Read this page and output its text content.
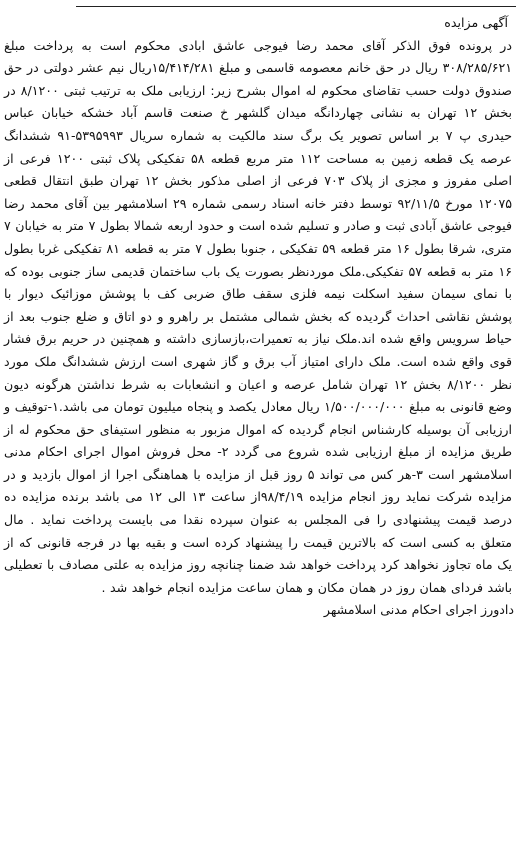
آگهی مزایده

در پرونده فوق الذکر آقای محمد رضا فیوجی عاشق ابادی محکوم است به پرداخت مبلغ ۳۰۸/۲۸۵/۶۲۱ ریال در حق خانم معصومه قاسمی و مبلغ ۱۵/۴۱۴/۲۸۱ریال نیم عشر دولتی در حق صندوق دولت حسب تقاضای محکوم له اموال بشرح زیر: ارزیابی ملک به ترتیب ثبتی ۸/۱۲۰۰ در بخش ۱۲ تهران به نشانی چهاردانگه میدان گلشهر خ صنعت قاسم آباد خشکه خیابان عباس حیدری پ ۷ بر اساس تصویر یک برگ سند مالکیت به شماره سریال ۵۳۹۵۹۹۳-۹۱ ششدانگ عرصه یک قطعه زمین به مساحت ۱۱۲ متر مربع قطعه ۵۸ تفکیکی پلاک ثبتی ۱۲۰۰ فرعی از اصلی مفروز و مجزی از پلاک ۷۰۳ فرعی از اصلی مذکور بخش ۱۲ تهران طبق انتقال قطعی ۱۲۰۷۵ مورخ ۹۲/۱۱/۵ توسط دفتر خانه اسناد رسمی شماره ۲۹ اسلامشهر بین آقای محمد رضا فیوجی عاشق آبادی ثبت و صادر و تسلیم شده است و حدود اربعه شمالا بطول ۷ متر به خیابان ۷ متری، شرقا بطول ۱۶ متر قطعه ۵۹ تفکیکی ، جنوبا بطول ۷ متر به قطعه ۸۱ تفکیکی غربا بطول ۱۶ متر به قطعه ۵۷ تفکیکی.ملک موردنظر بصورت یک باب ساختمان قدیمی ساز جنوبی بوده که با نمای سیمان سفید اسکلت نیمه فلزی سقف طاق ضربی کف با پوشش موزائیک دیوار با پوشش نقاشی احداث گردیده که بخش شمالی مشتمل بر راهرو و دو اتاق و ضلع جنوب بعد از حیاط سرویس واقع شده اند.ملک نیاز به تعمیرات،بازسازی داشته و همچنین در حریم برق فشار قوی واقع شده است. ملک دارای امتیاز آب برق و گاز شهری است ارزش ششدانگ ملک مورد نظر ۸/۱۲۰۰ بخش ۱۲ تهران شامل عرصه و اعیان و انشعابات به شرط نداشتن هرگونه دیون وضع قانونی به مبلغ ۱/۵۰۰/۰۰۰/۰۰۰ ریال معادل یکصد و پنجاه میلیون تومان می باشد.۱-توقیف و ارزیابی آن بوسیله کارشناس انجام گردیده که اموال مزبور به منظور استیفای حق محکوم له از طریق مزایده از مبلغ ارزیابی شده شروع می گردد ۲- محل فروش اموال اجرای احکام مدنی اسلامشهر است ۳-هر کس می تواند ۵ روز قبل از مزایده با هماهنگی اجرا از اموال بازدید و در مزایده شرکت نماید روز انجام مزایده ۹۸/۴/۱۹از ساعت ۱۳ الی ۱۲ می باشد برنده مزایده ده درصد قیمت پیشنهادی را فی المجلس به عنوان سپرده نقدا می بایست پرداخت نماید . مال متعلق به کسی است که بالاترین قیمت را پیشنهاد کرده است و بقیه بها در فرجه قانونی که از یک ماه تجاوز نخواهد کرد پرداخت خواهد شد ضمنا چنانچه روز مزایده به علتی مصادف با تعطیلی باشد فردای همان روز در همان مکان و همان ساعت مزایده انجام خواهد شد .

دادورز اجرای احکام مدنی اسلامشهر
